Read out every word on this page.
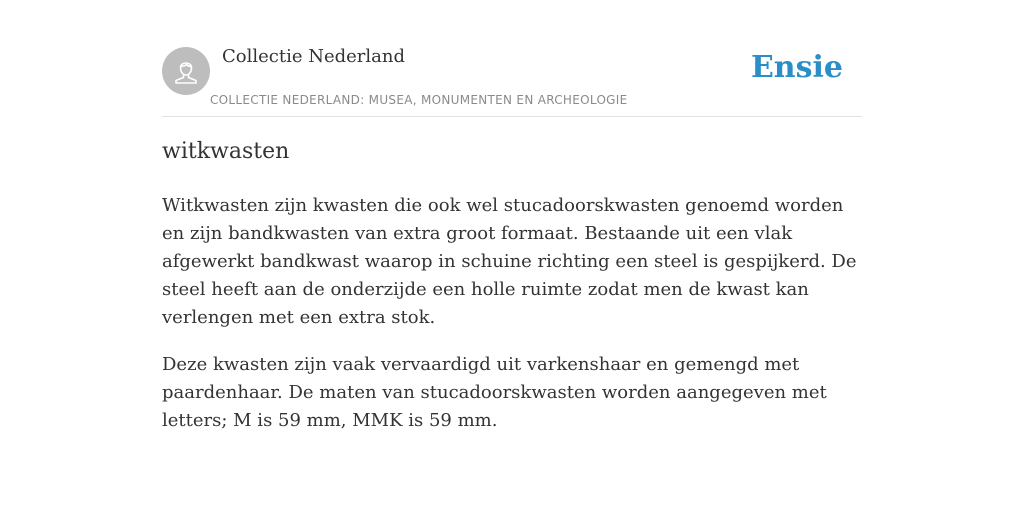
Collectie Nederland
COLLECTIE NEDERLAND: MUSEA, MONUMENTEN EN ARCHEOLOGIE
Ensie
witkwasten

Witkwasten zijn kwasten die ook wel stucadoorskwasten genoemd worden en zijn bandkwasten van extra groot formaat. Bestaande uit een vlak afgewerkt bandkwast waarop in schuine richting een steel is gespijkerd. De steel heeft aan de onderzijde een holle ruimte zodat men de kwast kan verlengen met een extra stok.

Deze kwasten zijn vaak vervaardigd uit varkenshaar en gemengd met paardenhaar. De maten van stucadoorskwasten worden aangegeven met letters; M is 59 mm, MMK is 59 mm.
